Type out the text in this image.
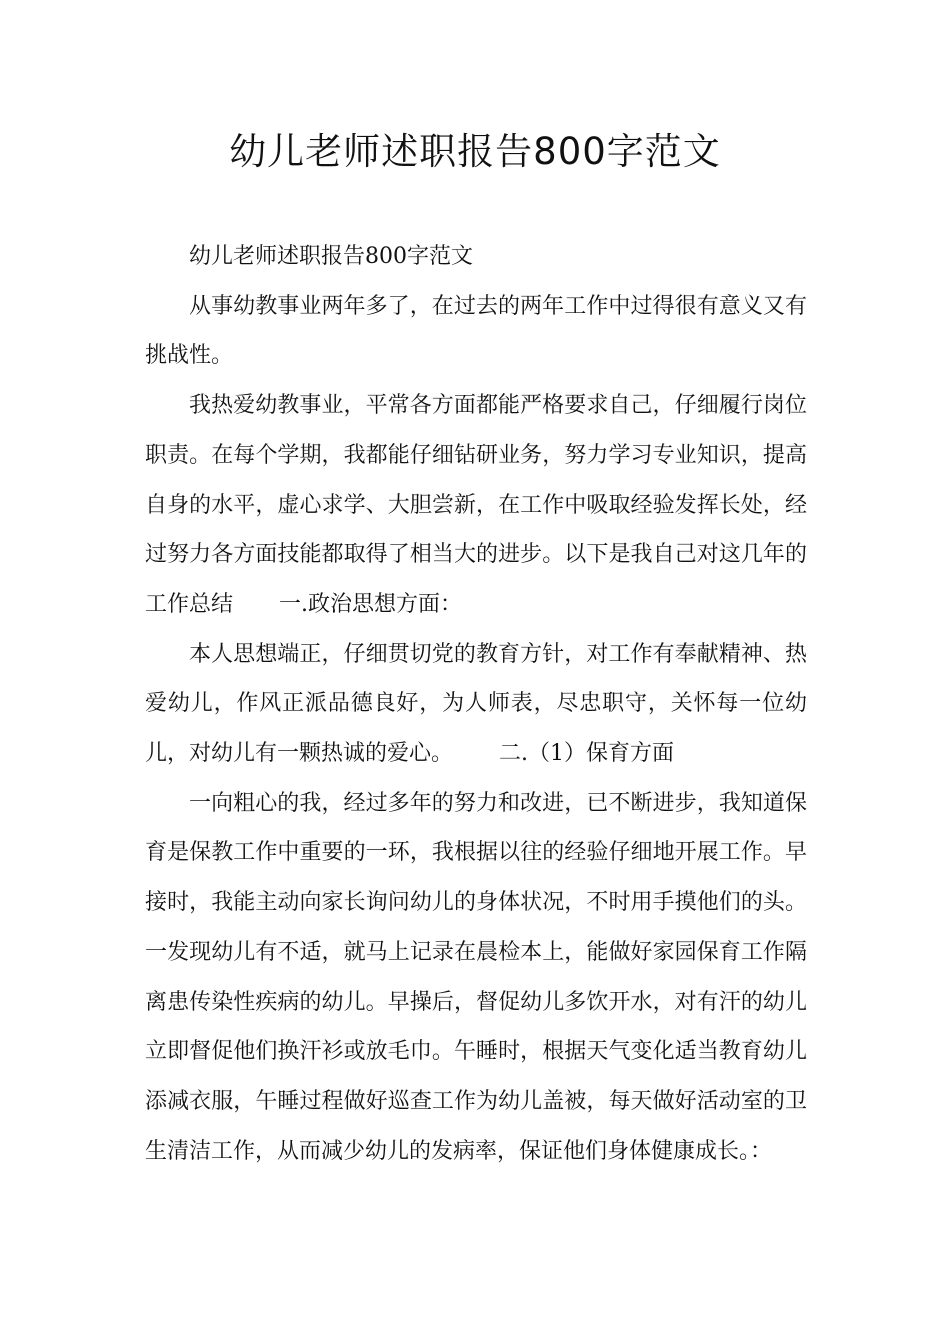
幼儿老师述职报告800字范文

幼儿老师述职报告800字范文

从事幼教事业两年多了，在过去的两年工作中过得很有意义又有挑战性。

我热爱幼教事业，平常各方面都能严格要求自己，仔细履行岗位职责。在每个学期，我都能仔细钻研业务，努力学习专业知识，提高自身的水平，虚心求学、大胆尝新，在工作中吸取经验发挥长处，经过努力各方面技能都取得了相当大的进步。以下是我自己对这几年的工作总结 一.政治思想方面：

本人思想端正，仔细贯切党的教育方针，对工作有奉献精神、热爱幼儿，作风正派品德良好，为人师表，尽忠职守，关怀每一位幼儿，对幼儿有一颗热诚的爱心。 二.（1）保育方面

一向粗心的我，经过多年的努力和改进，已不断进步，我知道保育是保教工作中重要的一环，我根据以往的经验仔细地开展工作。早接时，我能主动向家长询问幼儿的身体状况，不时用手摸他们的头。一发现幼儿有不适，就马上记录在晨检本上，能做好家园保育工作隔离患传染性疾病的幼儿。早操后，督促幼儿多饮开水，对有汗的幼儿立即督促他们换汗衫或放毛巾。午睡时，根据天气变化适当教育幼儿添减衣服，午睡过程做好巡查工作为幼儿盖被，每天做好活动室的卫生清洁工作，从而减少幼儿的发病率，保证他们身体健康成长。：
